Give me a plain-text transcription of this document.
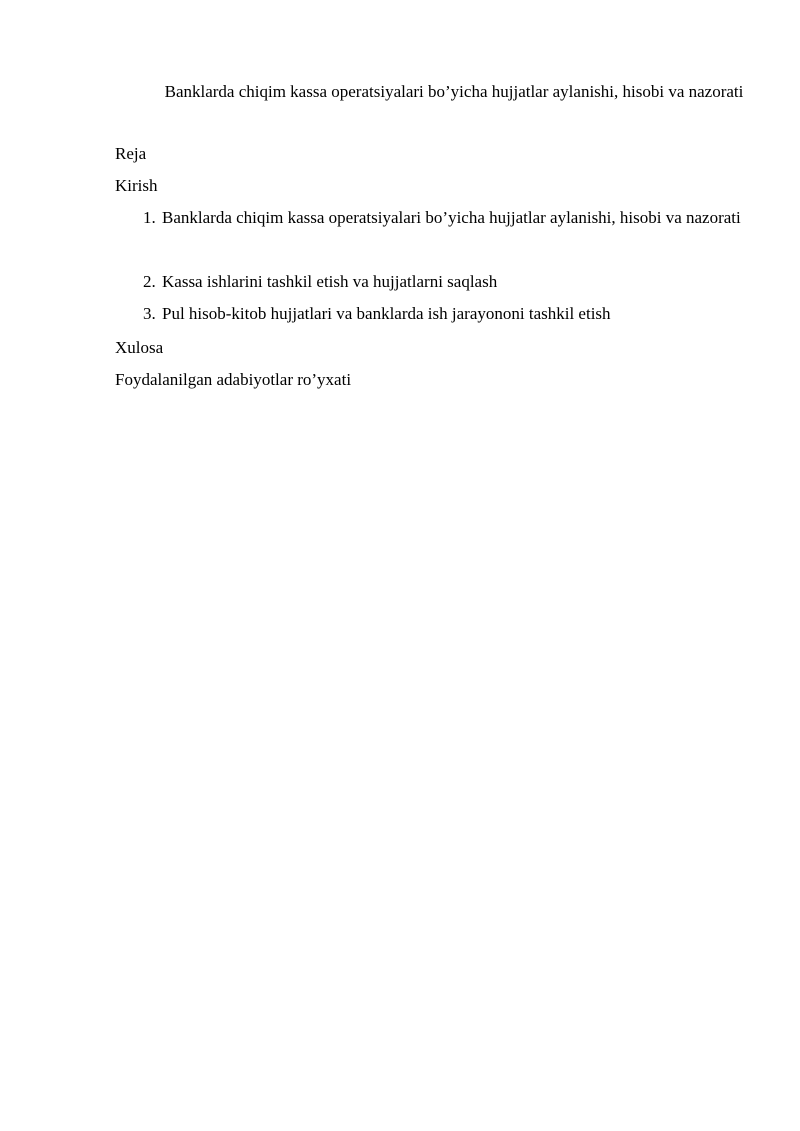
Banklarda chiqim kassa operatsiyalari bo’yicha hujjatlar aylanishi, hisobi va nazorati
Reja
Kirish
1. Banklarda chiqim kassa operatsiyalari bo’yicha hujjatlar aylanishi, hisobi va nazorati
2. Kassa ishlarini tashkil etish va hujjatlarni saqlash
3. Pul hisob-kitob hujjatlari va banklarda ish jarayononi tashkil etish
Xulosa
Foydalanilgan adabiyotlar ro’yxati
